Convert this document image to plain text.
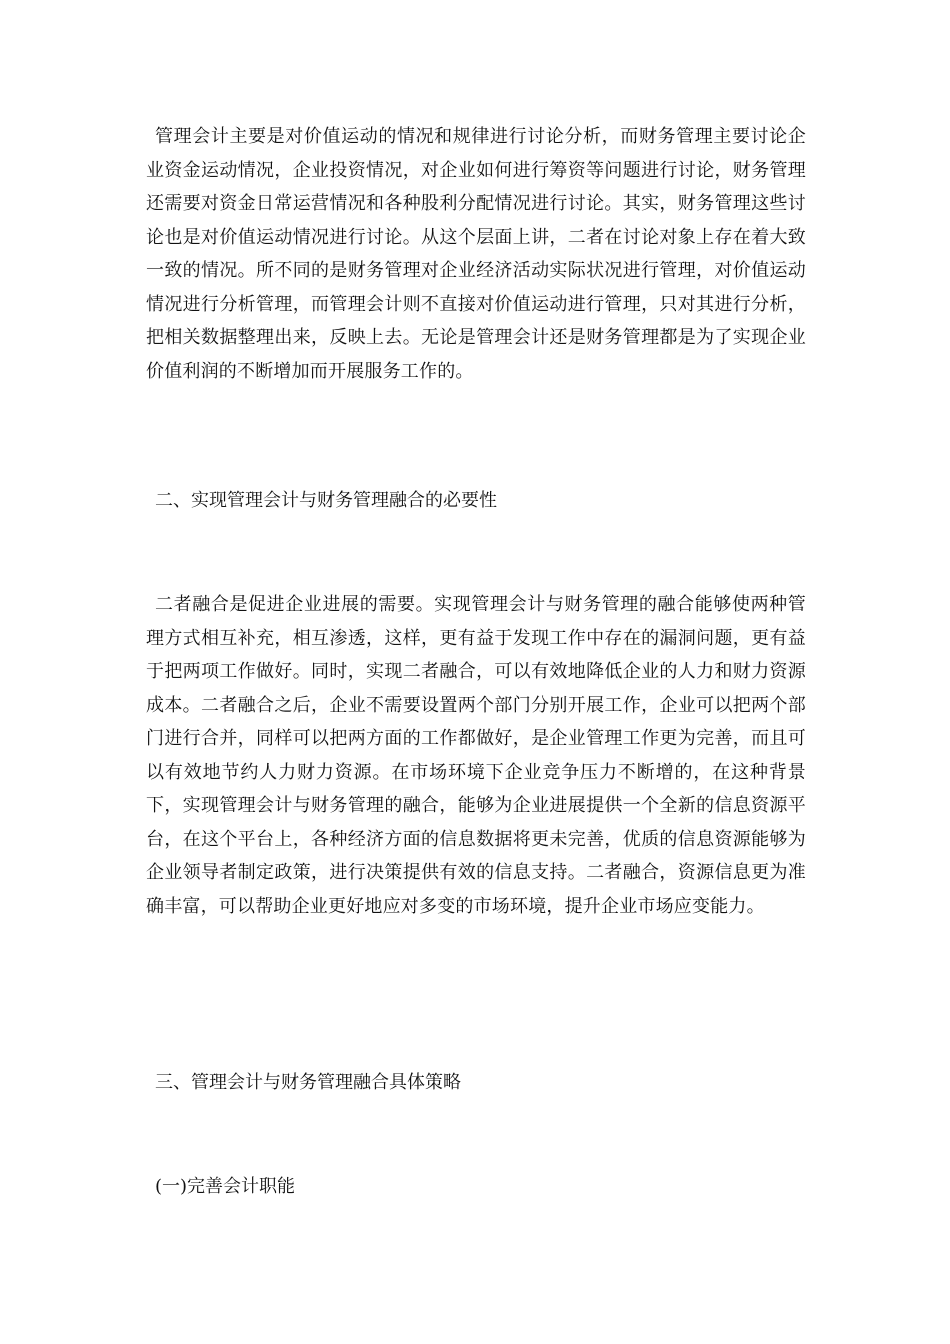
管理会计主要是对价值运动的情况和规律进行讨论分析，而财务管理主要讨论企业资金运动情况，企业投资情况，对企业如何进行筹资等问题进行讨论，财务管理还需要对资金日常运营情况和各种股利分配情况进行讨论。其实，财务管理这些讨论也是对价值运动情况进行讨论。从这个层面上讲，二者在讨论对象上存在着大致一致的情况。所不同的是财务管理对企业经济活动实际状况进行管理，对价值运动情况进行分析管理，而管理会计则不直接对价值运动进行管理，只对其进行分析，把相关数据整理出来，反映上去。无论是管理会计还是财务管理都是为了实现企业价值利润的不断增加而开展服务工作的。

二、实现管理会计与财务管理融合的必要性

二者融合是促进企业进展的需要。实现管理会计与财务管理的融合能够使两种管理方式相互补充，相互渗透，这样，更有益于发现工作中存在的漏洞问题，更有益于把两项工作做好。同时，实现二者融合，可以有效地降低企业的人力和财力资源成本。二者融合之后，企业不需要设置两个部门分别开展工作，企业可以把两个部门进行合并，同样可以把两方面的工作都做好，是企业管理工作更为完善，而且可以有效地节约人力财力资源。在市场环境下企业竞争压力不断增的，在这种背景下，实现管理会计与财务管理的融合，能够为企业进展提供一个全新的信息资源平台，在这个平台上，各种经济方面的信息数据将更未完善，优质的信息资源能够为企业领导者制定政策，进行决策提供有效的信息支持。二者融合，资源信息更为准确丰富，可以帮助企业更好地应对多变的市场环境，提升企业市场应变能力。

三、管理会计与财务管理融合具体策略

(一)完善会计职能
